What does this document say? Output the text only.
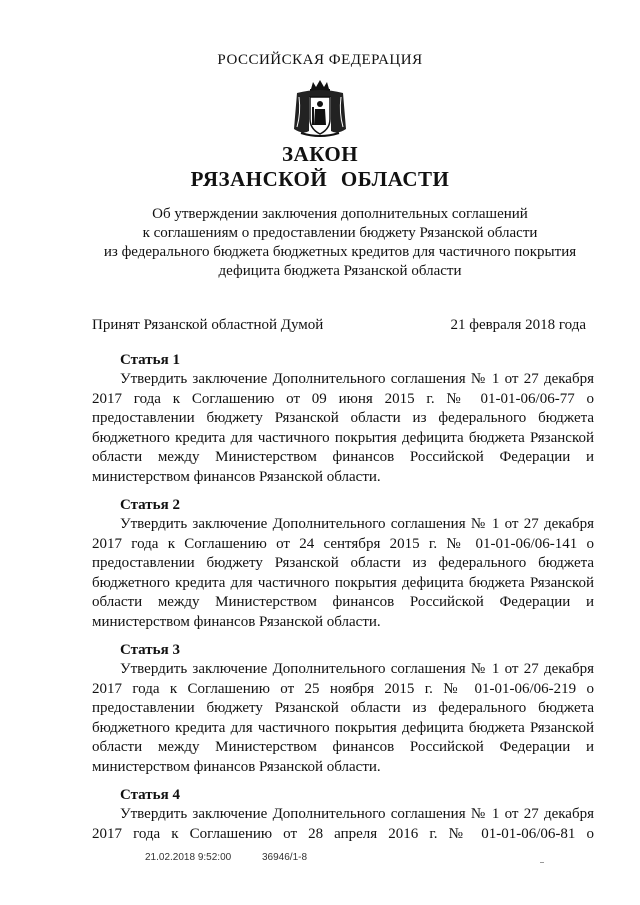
РОССИЙСКАЯ ФЕДЕРАЦИЯ
ЗАКОН
РЯЗАНСКОЙ ОБЛАСТИ
Об утверждении заключения дополнительных соглашений
к соглашениям о предоставлении бюджету Рязанской области
из федерального бюджета бюджетных кредитов для частичного покрытия
дефицита бюджета Рязанской области
Принят Рязанской областной Думой	21 февраля 2018 года
Статья 1
Утвердить заключение Дополнительного соглашения № 1 от 27 декабря 2017 года к Соглашению от 09 июня 2015 г. № 01-01-06/06-77 о предоставлении бюджету Рязанской области из федерального бюджета бюджетного кредита для частичного покрытия дефицита бюджета Рязанской области между Министерством финансов Российской Федерации и министерством финансов Рязанской области.
Статья 2
Утвердить заключение Дополнительного соглашения № 1 от 27 декабря 2017 года к Соглашению от 24 сентября 2015 г. № 01-01-06/06-141 о предоставлении бюджету Рязанской области из федерального бюджета бюджетного кредита для частичного покрытия дефицита бюджета Рязанской области между Министерством финансов Российской Федерации и министерством финансов Рязанской области.
Статья 3
Утвердить заключение Дополнительного соглашения № 1 от 27 декабря 2017 года к Соглашению от 25 ноября 2015 г. № 01-01-06/06-219 о предоставлении бюджету Рязанской области из федерального бюджета бюджетного кредита для частичного покрытия дефицита бюджета Рязанской области между Министерством финансов Российской Федерации и министерством финансов Рязанской области.
Статья 4
Утвердить заключение Дополнительного соглашения № 1 от 27 декабря 2017 года к Соглашению от 28 апреля 2016 г. № 01-01-06/06-81 о
21.02.2018 9:52:00	36946/1-8
